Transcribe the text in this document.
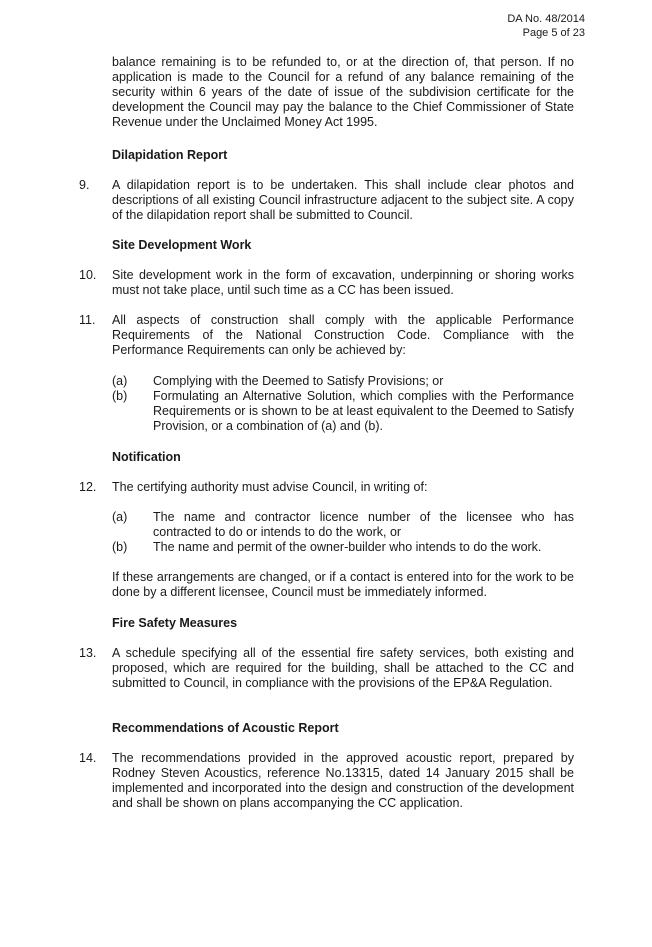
DA No. 48/2014
Page 5 of 23

balance remaining is to be refunded to, or at the direction of, that person. If no application is made to the Council for a refund of any balance remaining of the security within 6 years of the date of issue of the subdivision certificate for the development the Council may pay the balance to the Chief Commissioner of State Revenue under the Unclaimed Money Act 1995.

Dilapidation Report
9. A dilapidation report is to be undertaken. This shall include clear photos and descriptions of all existing Council infrastructure adjacent to the subject site. A copy of the dilapidation report shall be submitted to Council.

Site Development Work
10. Site development work in the form of excavation, underpinning or shoring works must not take place, until such time as a CC has been issued.

11. All aspects of construction shall comply with the applicable Performance Requirements of the National Construction Code. Compliance with the Performance Requirements can only be achieved by:

(a) Complying with the Deemed to Satisfy Provisions; or

(b) Formulating an Alternative Solution, which complies with the Performance Requirements or is shown to be at least equivalent to the Deemed to Satisfy Provision, or a combination of (a) and (b).

Notification
12. The certifying authority must advise Council, in writing of:

(a) The name and contractor licence number of the licensee who has contracted to do or intends to do the work, or

(b) The name and permit of the owner-builder who intends to do the work.

If these arrangements are changed, or if a contact is entered into for the work to be done by a different licensee, Council must be immediately informed.

Fire Safety Measures
13. A schedule specifying all of the essential fire safety services, both existing and proposed, which are required for the building, shall be attached to the CC and submitted to Council, in compliance with the provisions of the EP&A Regulation.

Recommendations of Acoustic Report
14. The recommendations provided in the approved acoustic report, prepared by Rodney Steven Acoustics, reference No.13315, dated 14 January 2015 shall be implemented and incorporated into the design and construction of the development and shall be shown on plans accompanying the CC application.
